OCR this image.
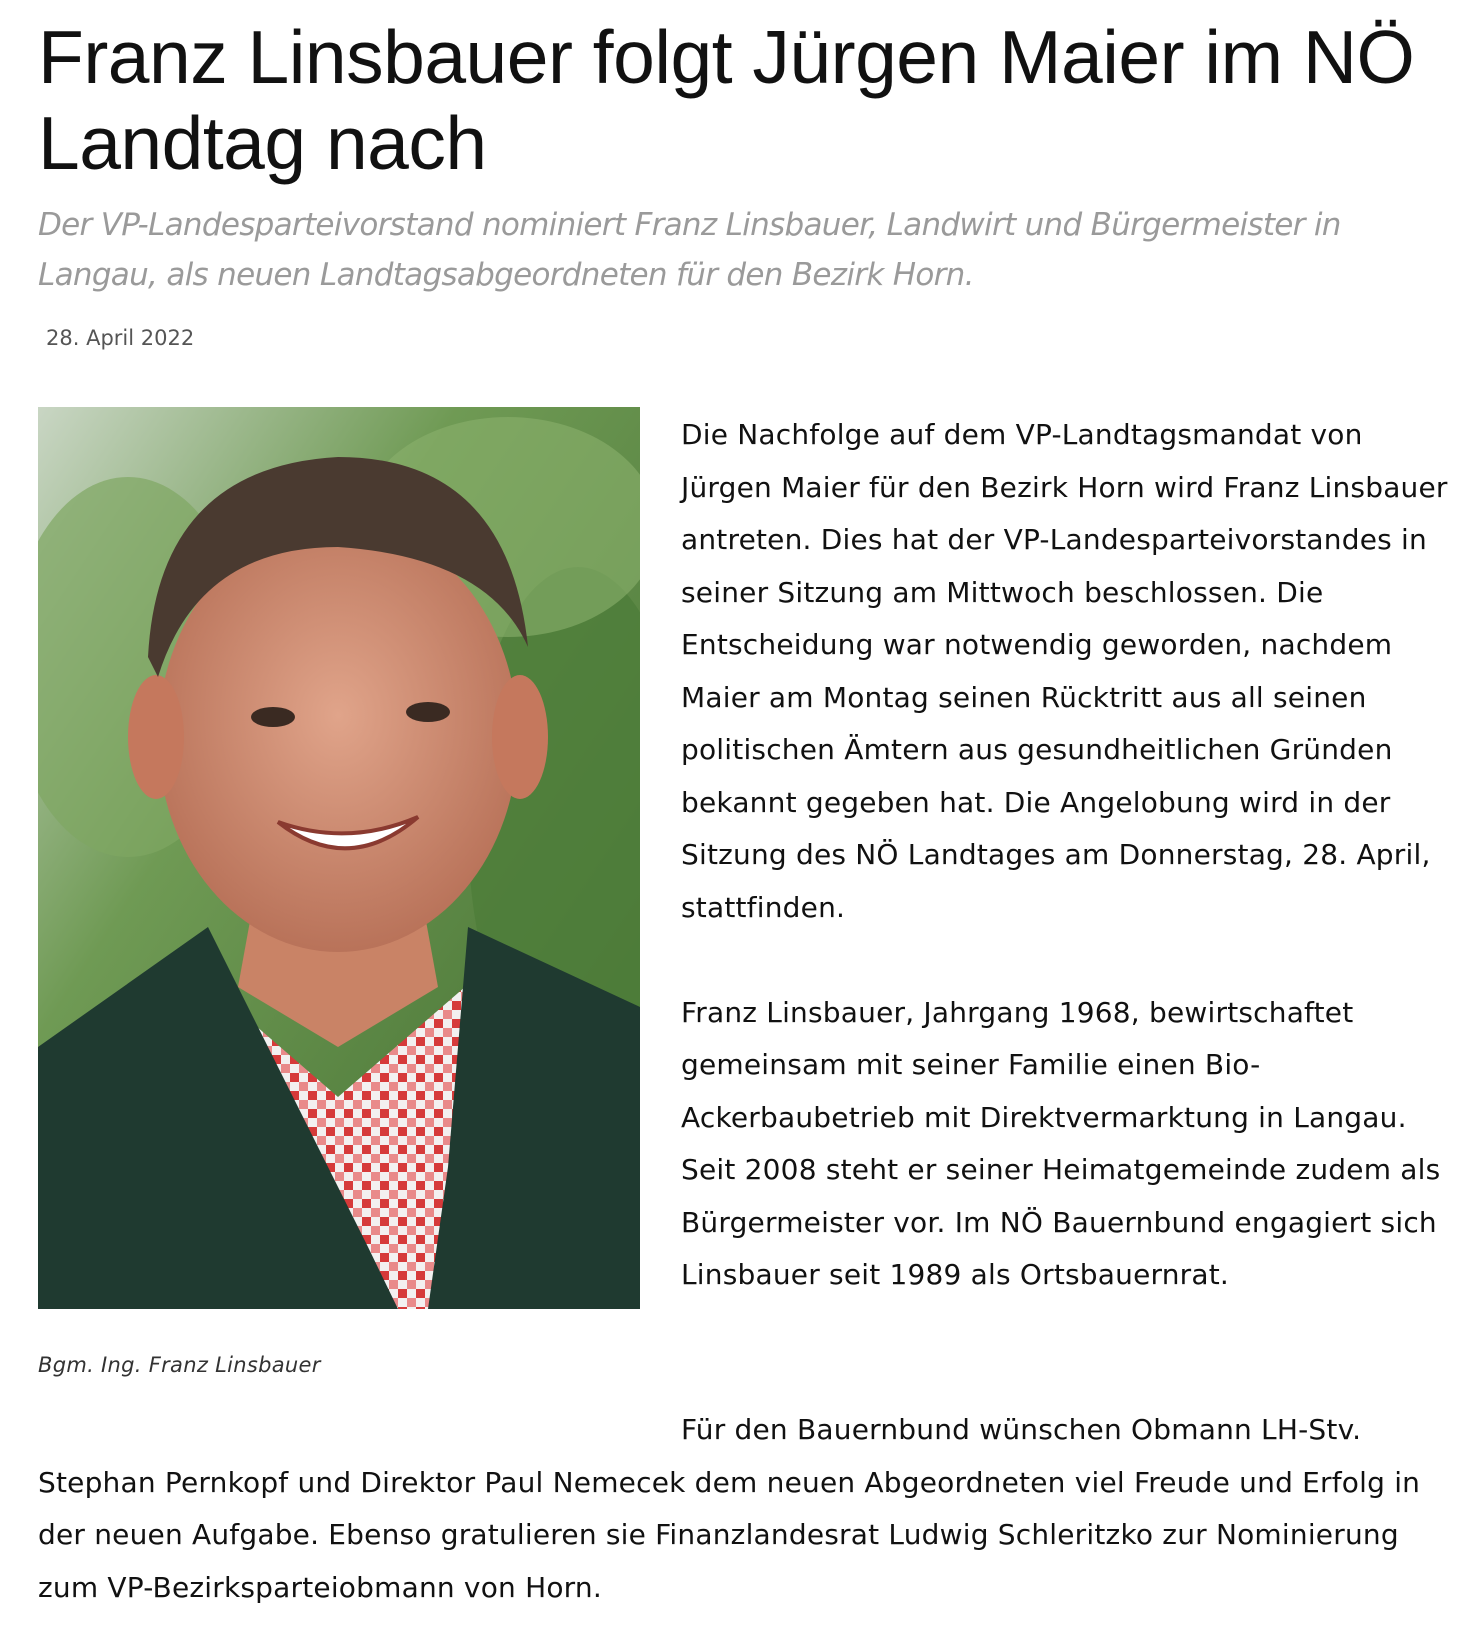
Franz Linsbauer folgt Jürgen Maier im NÖ Landtag nach
Der VP-Landesparteivorstand nominiert Franz Linsbauer, Landwirt und Bürgermeister in Langau, als neuen Landtagsabgeordneten für den Bezirk Horn.
28. April 2022
Bgm. Ing. Franz Linsbauer

Die Nachfolge auf dem VP-Landtagsmandat von Jürgen Maier für den Bezirk Horn wird Franz Linsbauer antreten. Dies hat der VP-Landesparteivorstandes in seiner Sitzung am Mittwoch beschlossen. Die Entscheidung war notwendig geworden, nachdem Maier am Montag seinen Rücktritt aus all seinen politischen Ämtern aus gesundheitlichen Gründen bekannt gegeben hat. Die Angelobung wird in der Sitzung des NÖ Landtages am Donnerstag, 28. April, stattfinden.

Franz Linsbauer, Jahrgang 1968, bewirtschaftet gemeinsam mit seiner Familie einen Bio-Ackerbaubetrieb mit Direktvermarktung in Langau. Seit 2008 steht er seiner Heimatgemeinde zudem als Bürgermeister vor. Im NÖ Bauernbund engagiert sich Linsbauer seit 1989 als Ortsbauernrat.

Für den Bauernbund wünschen Obmann LH-Stv. Stephan Pernkopf und Direktor Paul Nemecek dem neuen Abgeordneten viel Freude und Erfolg in der neuen Aufgabe. Ebenso gratulieren sie Finanzlandesrat Ludwig Schleritzko zur Nominierung zum VP-Bezirksparteiobmann von Horn.
